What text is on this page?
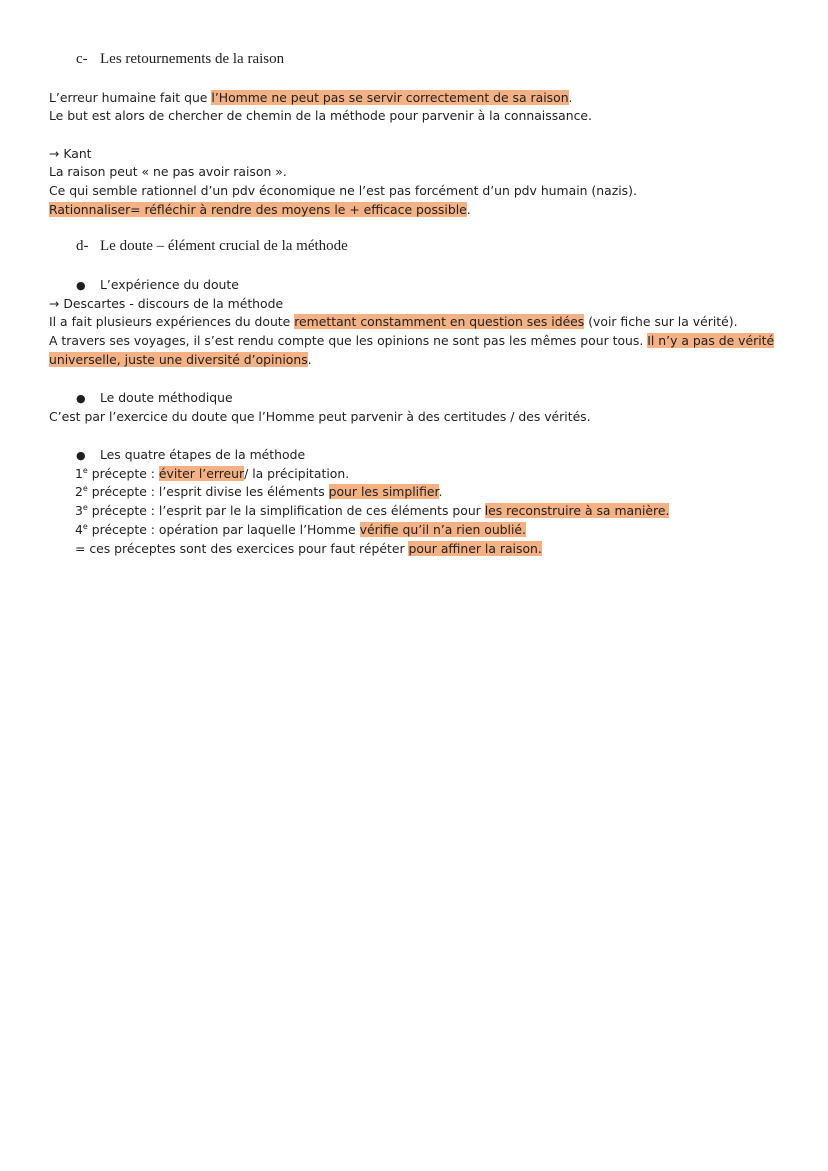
c- Les retournements de la raison
L’erreur humaine fait que l’Homme ne peut pas se servir correctement de sa raison.
Le but est alors de chercher de chemin de la méthode pour parvenir à la connaissance.
→ Kant
La raison peut « ne pas avoir raison ».
Ce qui semble rationnel d’un pdv économique ne l’est pas forcément d’un pdv humain (nazis).
Rationnaliser= réfléchir à rendre des moyens le + efficace possible.
d- Le doute – élément crucial de la méthode
● L’expérience du doute
→ Descartes - discours de la méthode
Il a fait plusieurs expériences du doute remettant constamment en question ses idées (voir fiche sur la vérité).
A travers ses voyages, il s’est rendu compte que les opinions ne sont pas les mêmes pour tous. Il n’y a pas de vérité
universelle, juste une diversité d’opinions.
● Le doute méthodique
C’est par l’exercice du doute que l’Homme peut parvenir à des certitudes / des vérités.
● Les quatre étapes de la méthode
1e précepte : éviter l’erreur/ la précipitation.
2e précepte : l’esprit divise les éléments pour les simplifier.
3e précepte : l’esprit par le la simplification de ces éléments pour les reconstruire à sa manière.
4e précepte : opération par laquelle l’Homme vérifie qu’il n’a rien oublié.
= ces préceptes sont des exercices pour faut répéter pour affiner la raison.
